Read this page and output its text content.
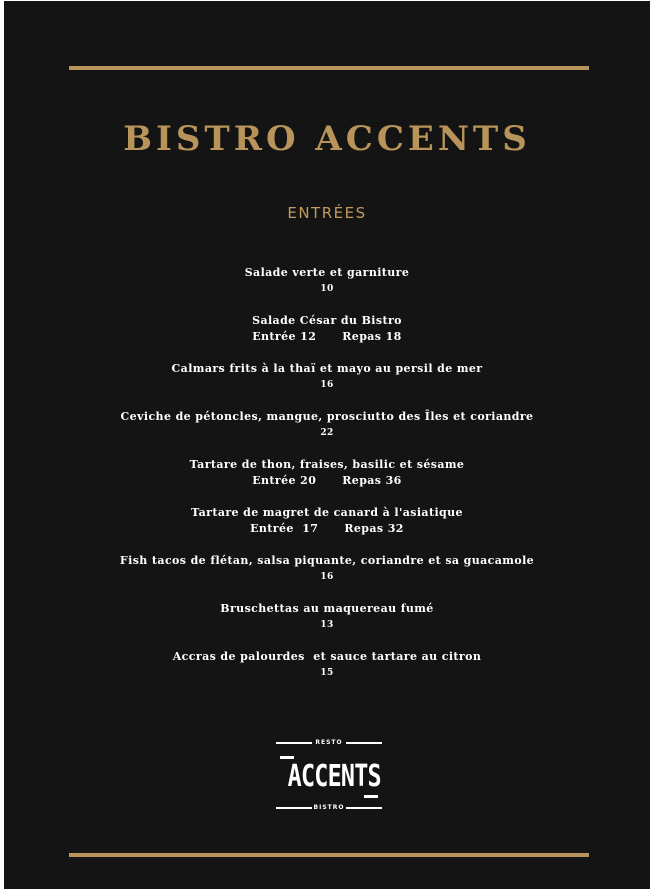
BISTRO ACCENTS
ENTRÉES
Salade verte et garniture
10
Salade César du Bistro
Entrée 12 Repas 18
Calmars frits à la thaï et mayo au persil de mer
16
Ceviche de pétoncles, mangue, prosciutto des Îles et coriandre
22
Tartare de thon, fraises, basilic et sésame
Entrée 20 Repas 36
Tartare de magret de canard à l'asiatique
Entrée  17 Repas 32
Fish tacos de flétan, salsa piquante, coriandre et sa guacamole
16
Bruschettas au maquereau fumé
13
Accras de palourdes  et sauce tartare au citron
15
RESTO
ACCENTS
BISTRO
